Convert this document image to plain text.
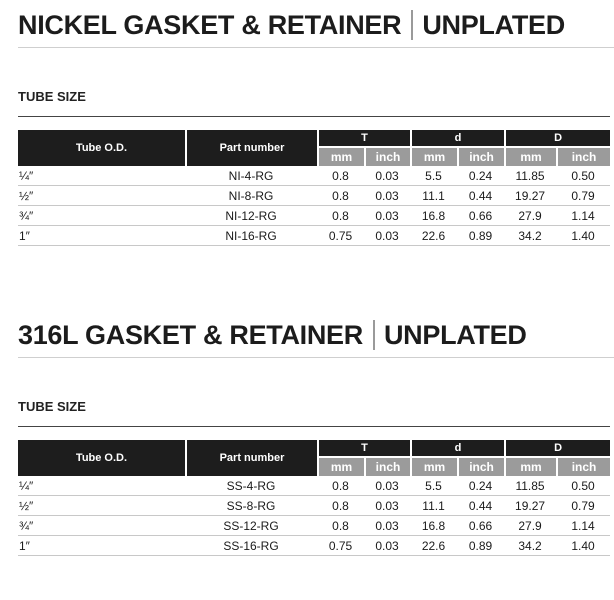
NICKEL GASKET & RETAINER UNPLATED
TUBE SIZE
Tube O.D.	Part number	T		d		D	
		mm	inch	mm	inch	mm	inch
¼″	NI-4-RG	0.8	0.03	5.5	0.24	11.85	0.50
½″	NI-8-RG	0.8	0.03	11.1	0.44	19.27	0.79
¾″	NI-12-RG	0.8	0.03	16.8	0.66	27.9	1.14
1″	NI-16-RG	0.75	0.03	22.6	0.89	34.2	1.40
316L GASKET & RETAINER UNPLATED
TUBE SIZE
Tube O.D.	Part number	T		d		D	
		mm	inch	mm	inch	mm	inch
¼″	SS-4-RG	0.8	0.03	5.5	0.24	11.85	0.50
½″	SS-8-RG	0.8	0.03	11.1	0.44	19.27	0.79
¾″	SS-12-RG	0.8	0.03	16.8	0.66	27.9	1.14
1″	SS-16-RG	0.75	0.03	22.6	0.89	34.2	1.40
